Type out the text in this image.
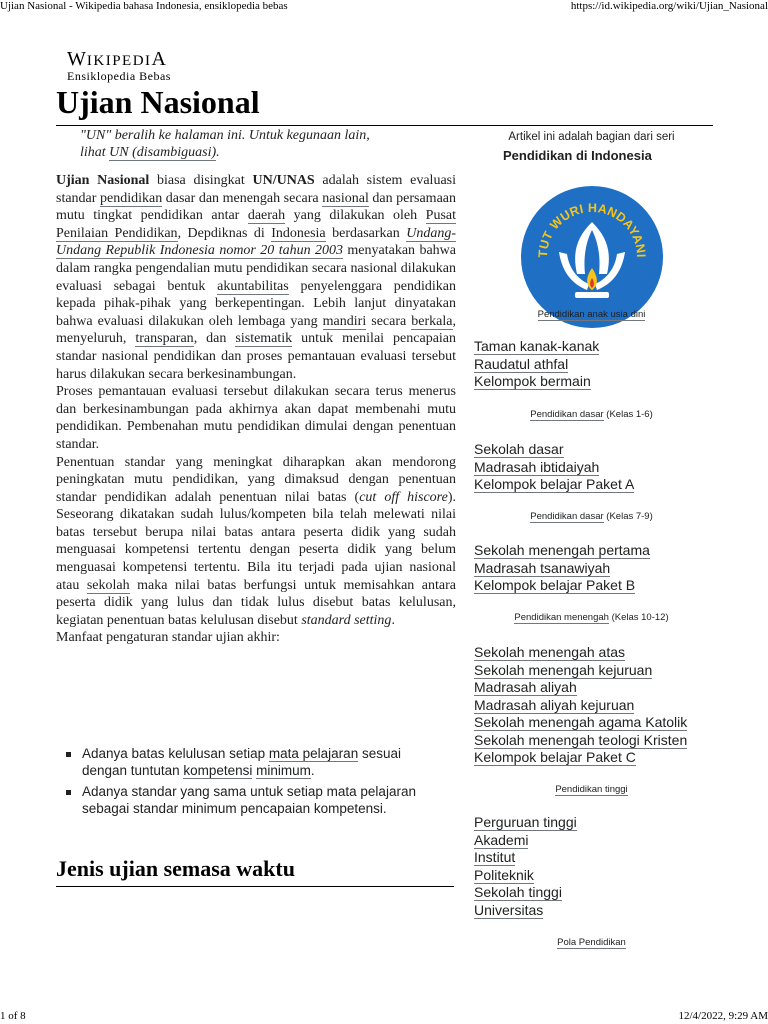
Ujian Nasional - Wikipedia bahasa Indonesia, ensiklopedia bebas	https://id.wikipedia.org/wiki/Ujian_Nasional
WIKIPEDIA
Ensiklopedia Bebas
Ujian Nasional
"UN" beralih ke halaman ini. Untuk kegunaan lain,
lihat UN (disambiguasi).

Ujian Nasional biasa disingkat UN/UNAS adalah sistem evaluasi standar pendidikan dasar dan menengah secara nasional dan persamaan mutu tingkat pendidikan antar daerah yang dilakukan oleh Pusat Penilaian Pendidikan, Depdiknas di Indonesia berdasarkan Undang-Undang Republik Indonesia nomor 20 tahun 2003 menyatakan bahwa dalam rangka pengendalian mutu pendidikan secara nasional dilakukan evaluasi sebagai bentuk akuntabilitas penyelenggara pendidikan kepada pihak-pihak yang berkepentingan. Lebih lanjut dinyatakan bahwa evaluasi dilakukan oleh lembaga yang mandiri secara berkala, menyeluruh, transparan, dan sistematik untuk menilai pencapaian standar nasional pendidikan dan proses pemantauan evaluasi tersebut harus dilakukan secara berkesinambungan.

Proses pemantauan evaluasi tersebut dilakukan secara terus menerus dan berkesinambungan pada akhirnya akan dapat membenahi mutu pendidikan. Pembenahan mutu pendidikan dimulai dengan penentuan standar.

Penentuan standar yang meningkat diharapkan akan mendorong peningkatan mutu pendidikan, yang dimaksud dengan penentuan standar pendidikan adalah penentuan nilai batas (cut off hiscore). Seseorang dikatakan sudah lulus/kompeten bila telah melewati nilai batas tersebut berupa nilai batas antara peserta didik yang sudah menguasai kompetensi tertentu dengan peserta didik yang belum menguasai kompetensi tertentu. Bila itu terjadi pada ujian nasional atau sekolah maka nilai batas berfungsi untuk memisahkan antara peserta didik yang lulus dan tidak lulus disebut batas kelulusan, kegiatan penentuan batas kelulusan disebut standard setting.

Manfaat pengaturan standar ujian akhir:

Adanya batas kelulusan setiap mata pelajaran sesuai dengan tuntutan kompetensi minimum.
Adanya standar yang sama untuk setiap mata pelajaran sebagai standar minimum pencapaian kompetensi.
Jenis ujian semasa waktu
Artikel ini adalah bagian dari seri
Pendidikan di Indonesia
TUT WURI HANDAYANI
Pendidikan anak usia dini
Taman kanak-kanak
Raudatul athfal
Kelompok bermain
Pendidikan dasar (Kelas 1-6)
Sekolah dasar
Madrasah ibtidaiyah
Kelompok belajar Paket A
Pendidikan dasar (Kelas 7-9)
Sekolah menengah pertama
Madrasah tsanawiyah
Kelompok belajar Paket B
Pendidikan menengah (Kelas 10-12)
Sekolah menengah atas
Sekolah menengah kejuruan
Madrasah aliyah
Madrasah aliyah kejuruan
Sekolah menengah agama Katolik
Sekolah menengah teologi Kristen
Kelompok belajar Paket C
Pendidikan tinggi
Perguruan tinggi
Akademi
Institut
Politeknik
Sekolah tinggi
Universitas
Pola Pendidikan
1 of 8	12/4/2022, 9:29 AM
